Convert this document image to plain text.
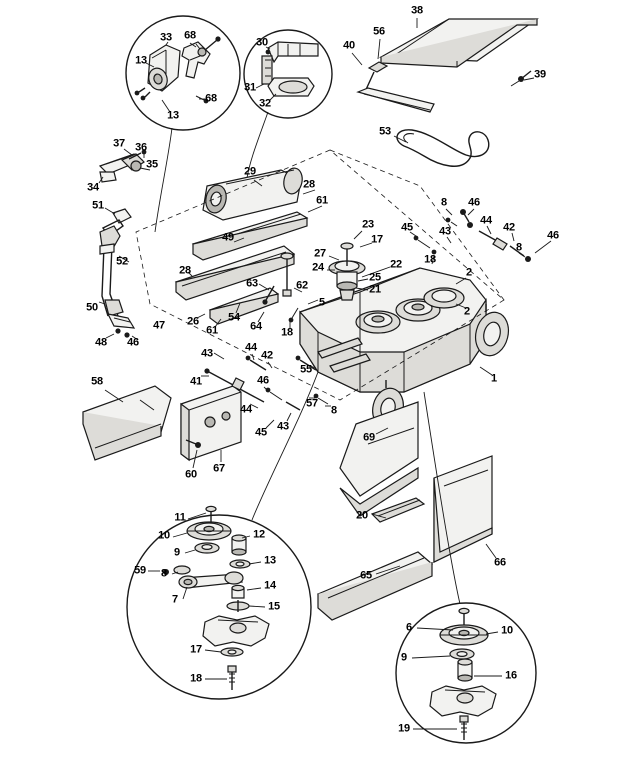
33 68
13
68
13
30
31
32
38
56
40
39
53
37 36
35
34
29
28
61
51
23
17
45
8 46
44
42
46
8
43
49
27
24
25
22
21
18
2
52
28
63	62
5
50	2
26
61
54
64 18
47
48 46
43	44
42
55
41	46	1
58
57
8
44
45 43
69
60 67
20
66
65
11
10	12
9
13
59 8
14
7
15
17
18
6	10
9
16
19
